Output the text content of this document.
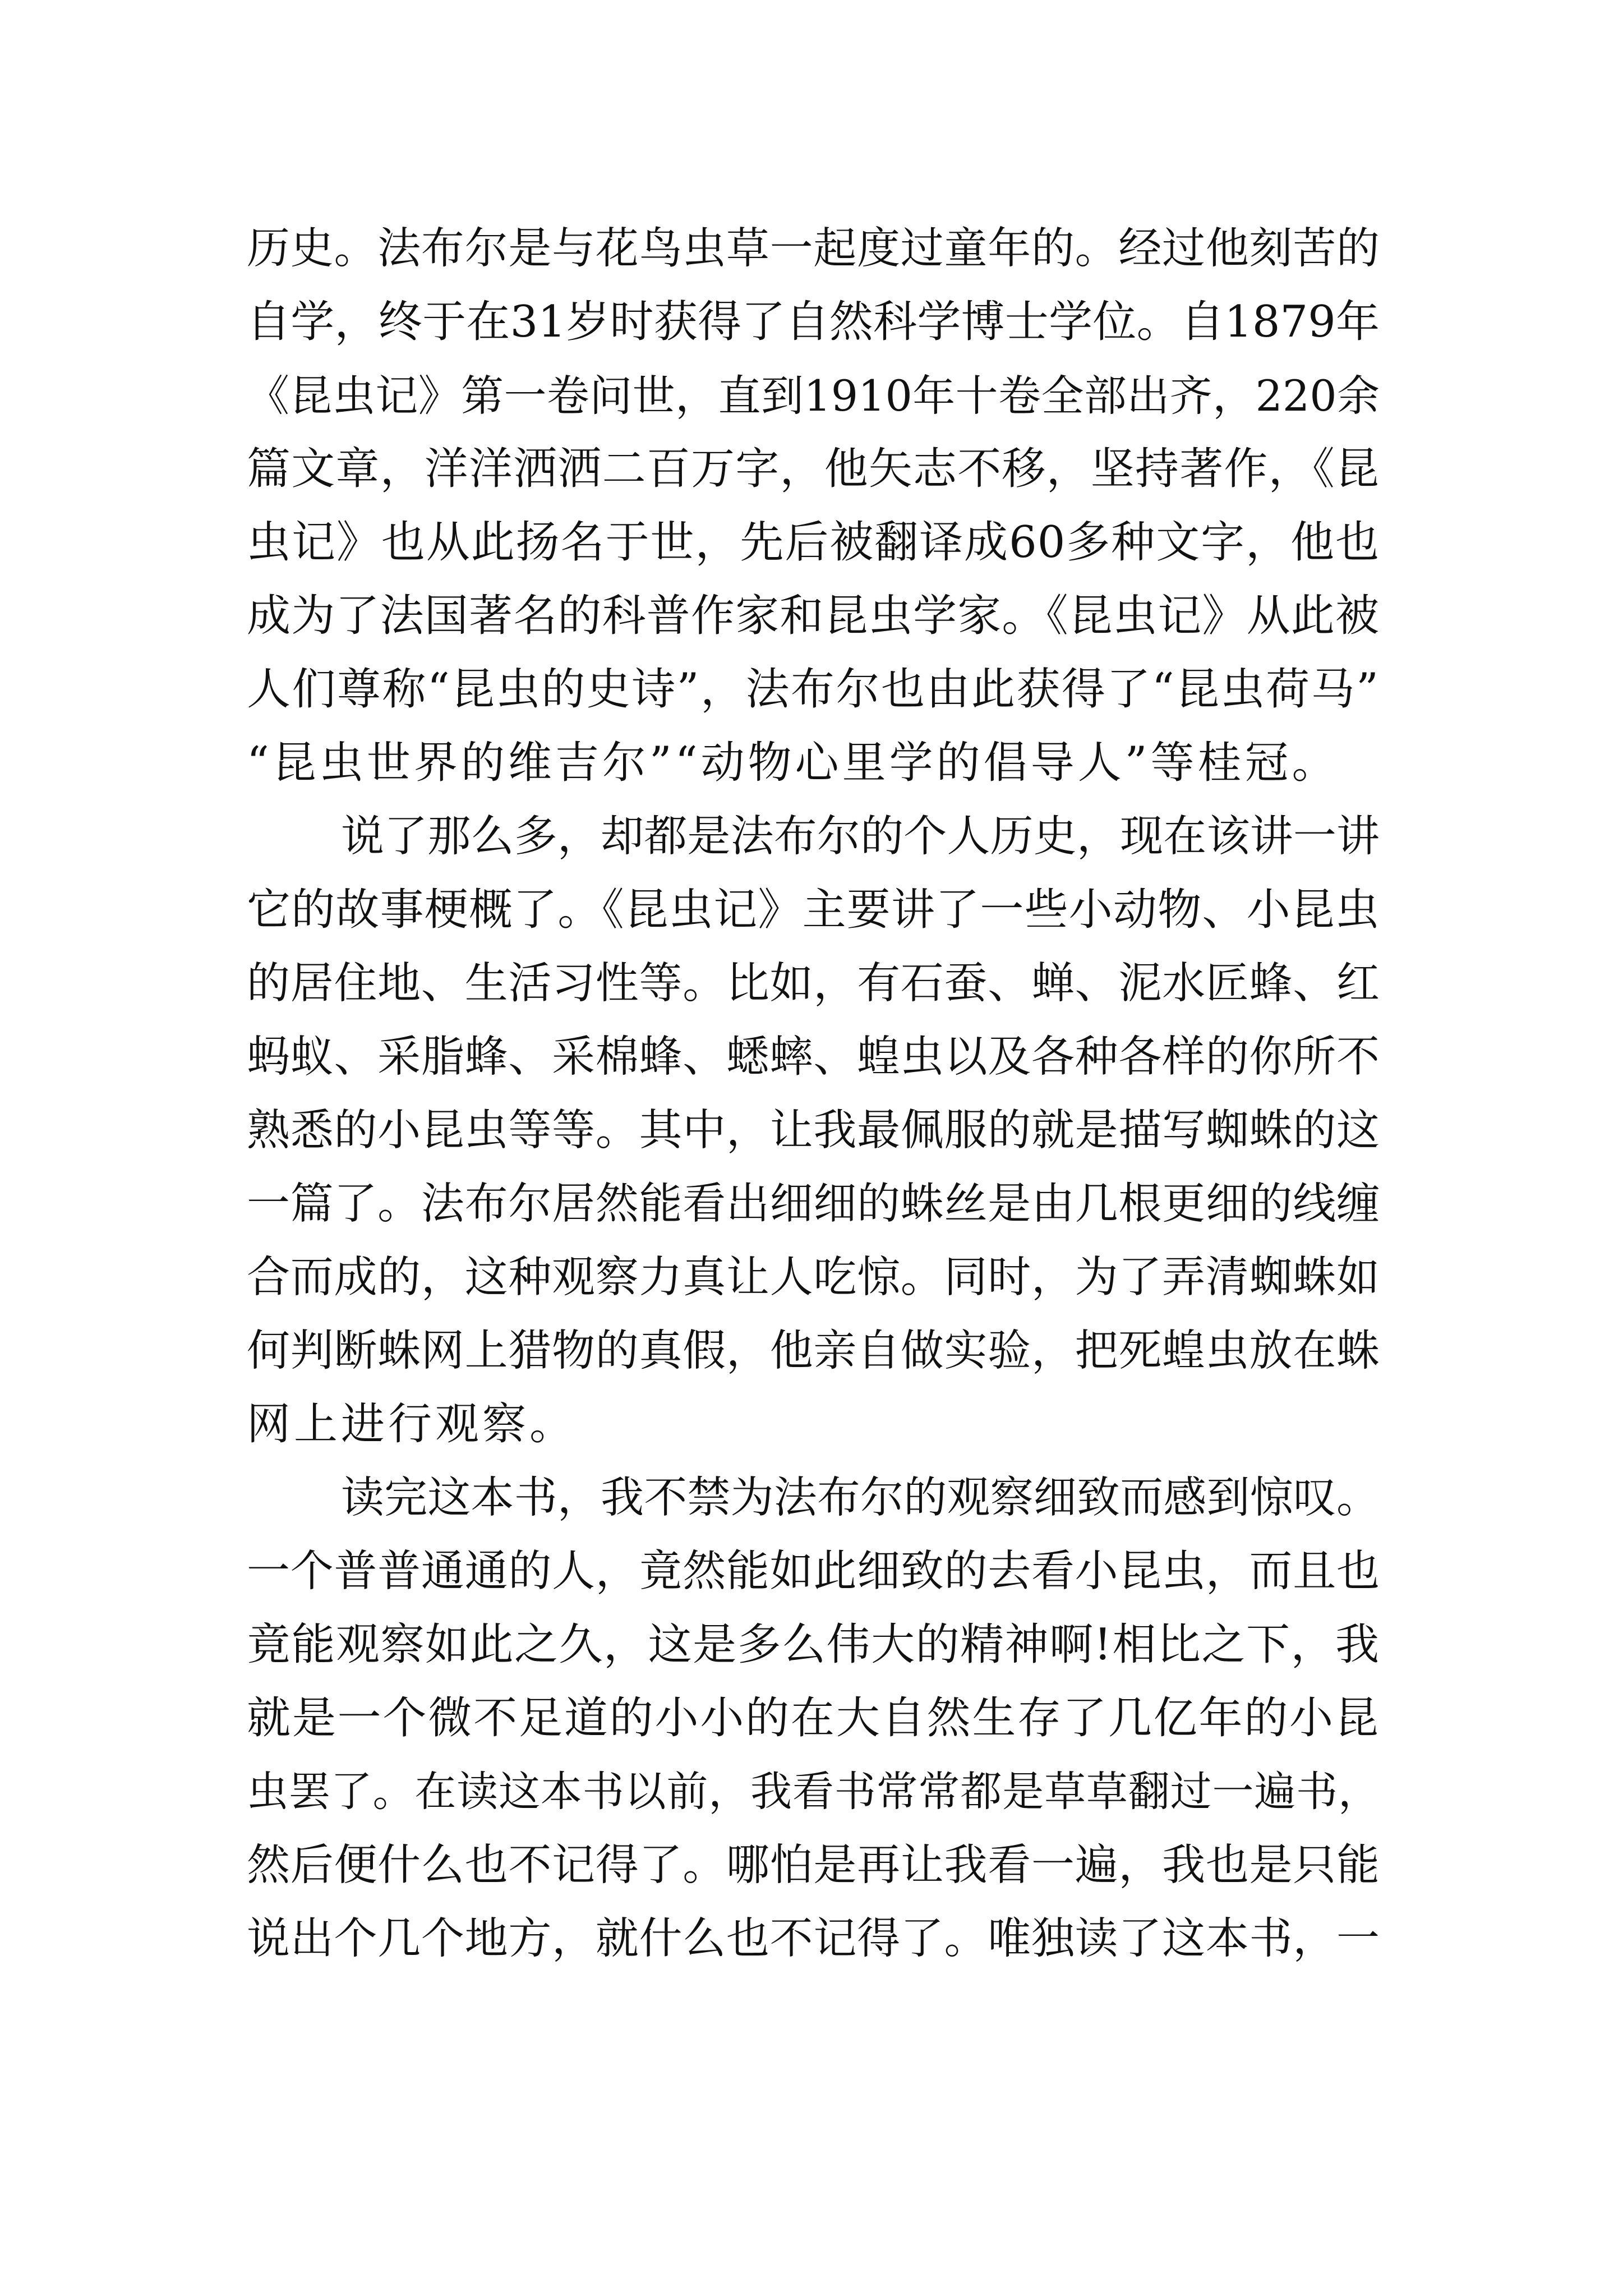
历史。法布尔是与花鸟虫草一起度过童年的。经过他刻苦的
自学，终于在31岁时获得了自然科学博士学位。自1879年
《昆虫记》第一卷问世，直到1910年十卷全部出齐，220余
篇文章，洋洋洒洒二百万字，他矢志不移，坚持著作，《昆
虫记》也从此扬名于世，先后被翻译成60多种文字，他也
成为了法国著名的科普作家和昆虫学家。《昆虫记》从此被
人们尊称“昆虫的史诗”，法布尔也由此获得了“昆虫荷马”
“昆虫世界的维吉尔”“动物心里学的倡导人”等桂冠。
说了那么多，却都是法布尔的个人历史，现在该讲一讲
它的故事梗概了。《昆虫记》主要讲了一些小动物、小昆虫
的居住地、生活习性等。比如，有石蚕、蝉、泥水匠蜂、红
蚂蚁、采脂蜂、采棉蜂、蟋蟀、蝗虫以及各种各样的你所不
熟悉的小昆虫等等。其中，让我最佩服的就是描写蜘蛛的这
一篇了。法布尔居然能看出细细的蛛丝是由几根更细的线缠
合而成的，这种观察力真让人吃惊。同时，为了弄清蜘蛛如
何判断蛛网上猎物的真假，他亲自做实验，把死蝗虫放在蛛
网上进行观察。
读完这本书，我不禁为法布尔的观察细致而感到惊叹。
一个普普通通的人，竟然能如此细致的去看小昆虫，而且也
竟能观察如此之久，这是多么伟大的精神啊!相比之下，我
就是一个微不足道的小小的在大自然生存了几亿年的小昆
虫罢了。在读这本书以前，我看书常常都是草草翻过一遍书，
然后便什么也不记得了。哪怕是再让我看一遍，我也是只能
说出个几个地方，就什么也不记得了。唯独读了这本书，一
